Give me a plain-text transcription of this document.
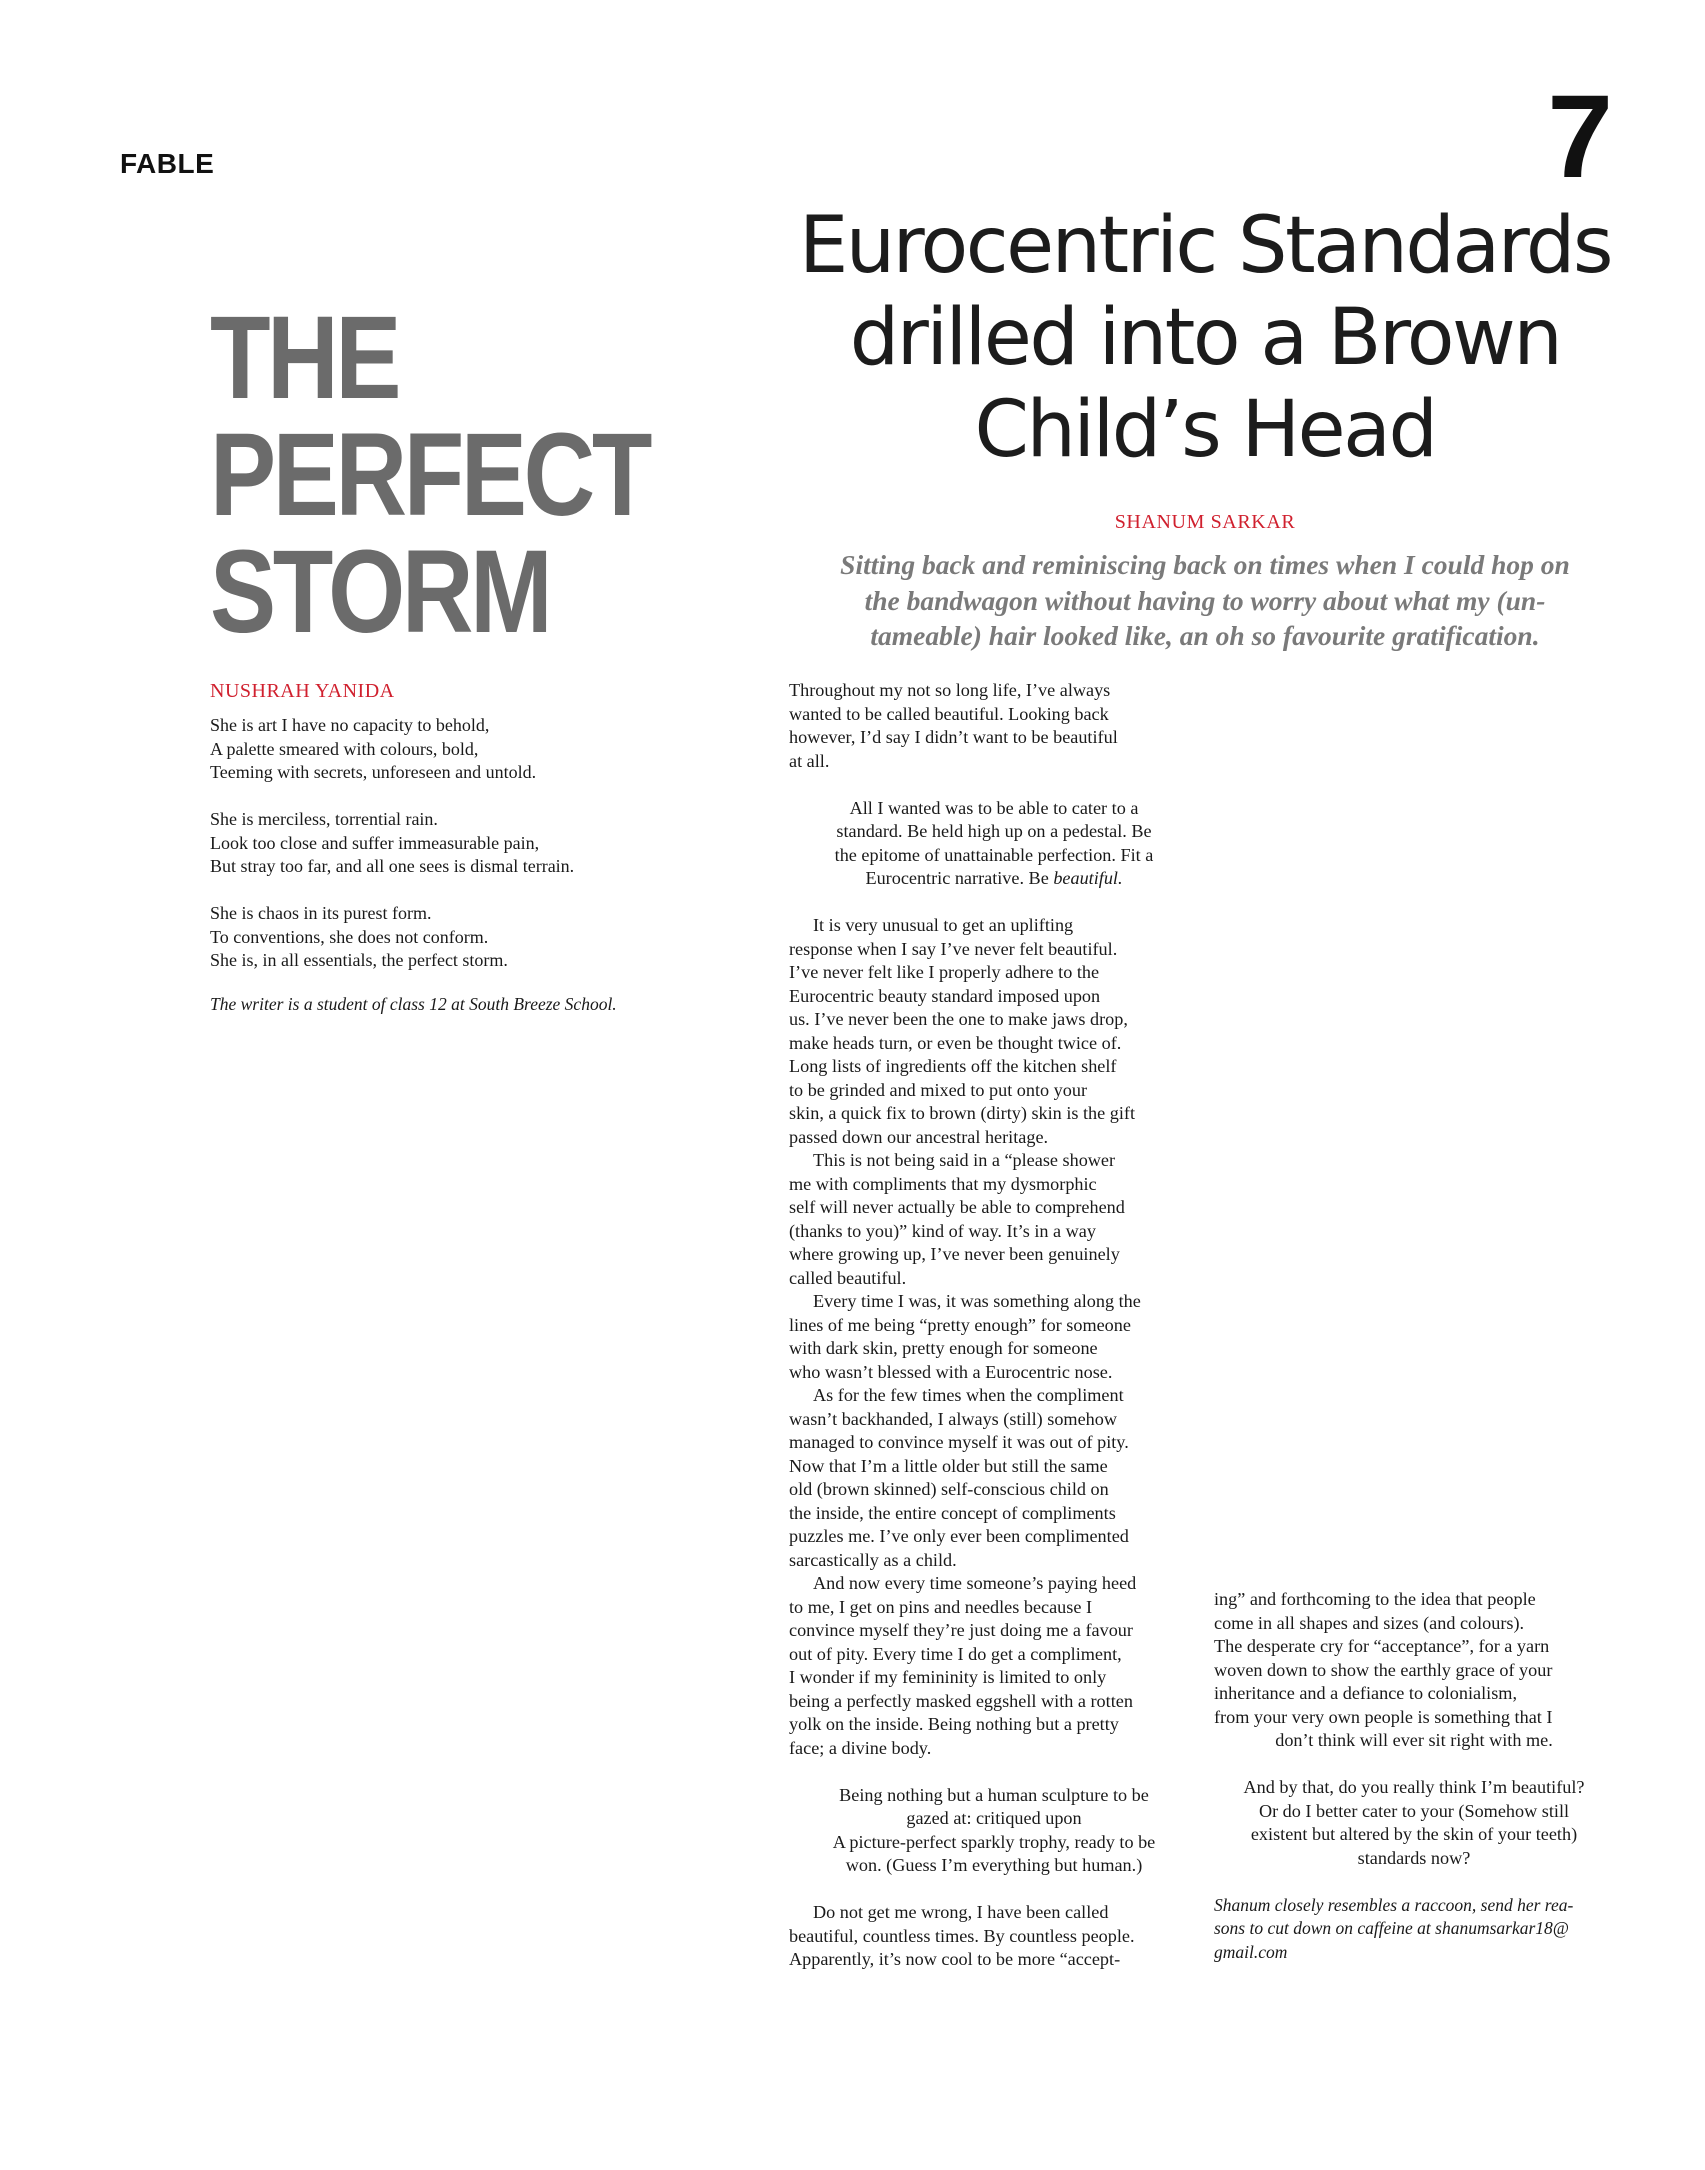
FABLE	7
THE
PERFECT
STORM
NUSHRAH YANIDA
She is art I have no capacity to behold,
A palette smeared with colours, bold,
Teeming with secrets, unforeseen and untold.
She is merciless, torrential rain.
Look too close and suffer immeasurable pain,
But stray too far, and all one sees is dismal terrain.
She is chaos in its purest form.
To conventions, she does not conform.
She is, in all essentials, the perfect storm.
The writer is a student of class 12 at South Breeze School.
Eurocentric Standards
drilled into a Brown
Child’s Head
SHANUM SARKAR
Sitting back and reminiscing back on times when I could hop on
the bandwagon without having to worry about what my (un-
tameable) hair looked like, an oh so favourite gratification.
Throughout my not so long life, I’ve always
wanted to be called beautiful. Looking back
however, I’d say I didn’t want to be beautiful
at all.
All I wanted was to be able to cater to a
standard. Be held high up on a pedestal. Be
the epitome of unattainable perfection. Fit a
Eurocentric narrative. Be beautiful.
It is very unusual to get an uplifting
response when I say I’ve never felt beautiful.
I’ve never felt like I properly adhere to the
Eurocentric beauty standard imposed upon
us. I’ve never been the one to make jaws drop,
make heads turn, or even be thought twice of.
Long lists of ingredients off the kitchen shelf
to be grinded and mixed to put onto your
skin, a quick fix to brown (dirty) skin is the gift
passed down our ancestral heritage.
This is not being said in a “please shower
me with compliments that my dysmorphic
self will never actually be able to comprehend
(thanks to you)” kind of way. It’s in a way
where growing up, I’ve never been genuinely
called beautiful.
Every time I was, it was something along the
lines of me being “pretty enough” for someone
with dark skin, pretty enough for someone
who wasn’t blessed with a Eurocentric nose.
As for the few times when the compliment
wasn’t backhanded, I always (still) somehow
managed to convince myself it was out of pity.
Now that I’m a little older but still the same
old (brown skinned) self-conscious child on
the inside, the entire concept of compliments
puzzles me. I’ve only ever been complimented
sarcastically as a child.
And now every time someone’s paying heed
to me, I get on pins and needles because I
convince myself they’re just doing me a favour
out of pity. Every time I do get a compliment,
I wonder if my femininity is limited to only
being a perfectly masked eggshell with a rotten
yolk on the inside. Being nothing but a pretty
face; a divine body.
Being nothing but a human sculpture to be
gazed at: critiqued upon
A picture-perfect sparkly trophy, ready to be
won. (Guess I’m everything but human.)
Do not get me wrong, I have been called
beautiful, countless times. By countless people.
Apparently, it’s now cool to be more “accept-
ing” and forthcoming to the idea that people
come in all shapes and sizes (and colours).
The desperate cry for “acceptance”, for a yarn
woven down to show the earthly grace of your
inheritance and a defiance to colonialism,
from your very own people is something that I
don’t think will ever sit right with me.
And by that, do you really think I’m beautiful?
Or do I better cater to your (Somehow still
existent but altered by the skin of your teeth)
standards now?
Shanum closely resembles a raccoon, send her rea-
sons to cut down on caffeine at shanumsarkar18@
gmail.com
